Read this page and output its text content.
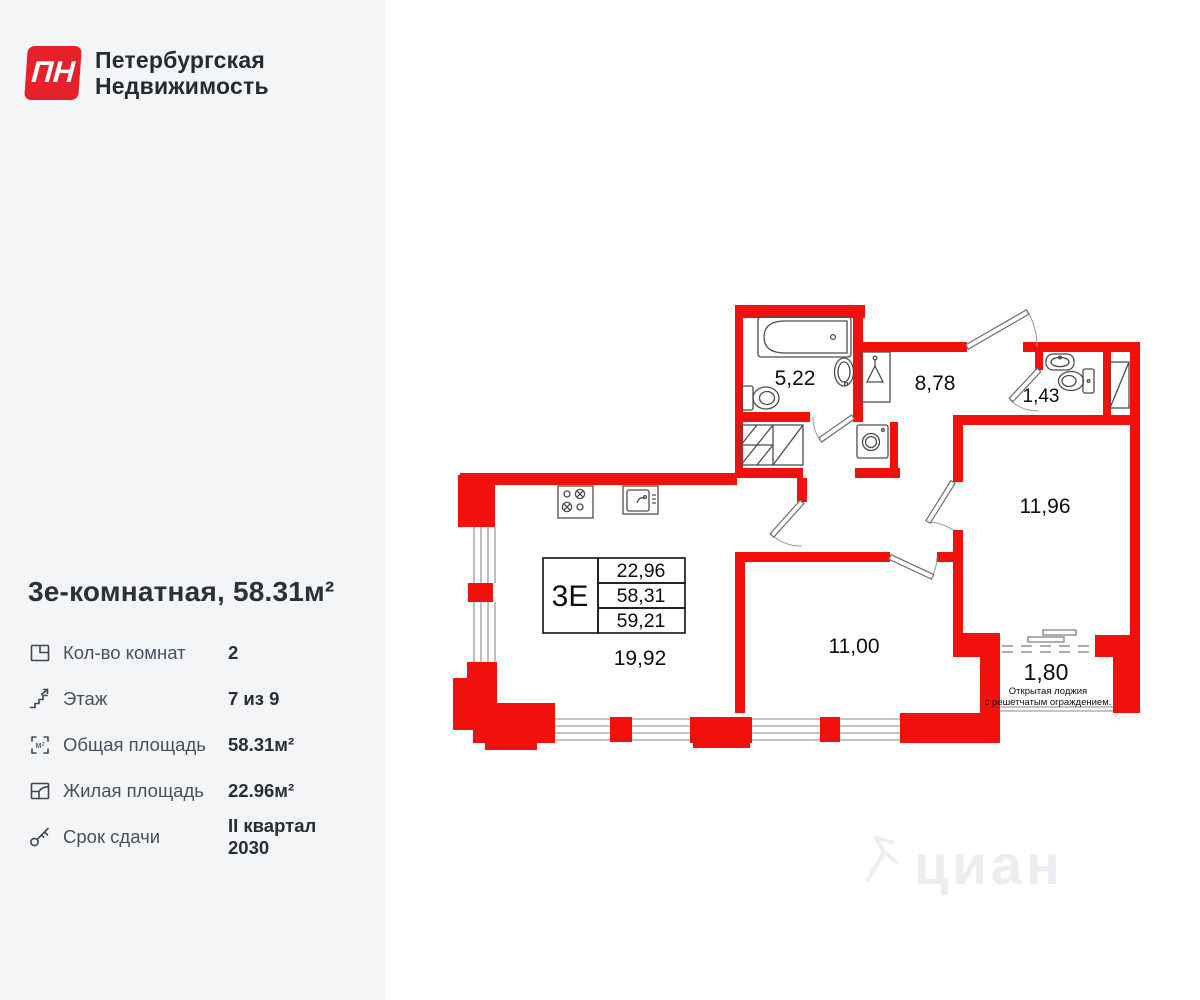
ПН Петербургская
Недвижимость
3е-комнатная, 58.31м²
Кол-во комнат 2
Этаж	7 из 9
м² Общая площадь 58.31м²
Жилая площадь 22.96м²
Срок сдачи
II квартал 2030
3Е
22,96
58,31
59,21
5,22	8,78
1,43
11,96
11,00
19,92
1,80
Открытая лоджия
с решетчатым ограждением.
циан
